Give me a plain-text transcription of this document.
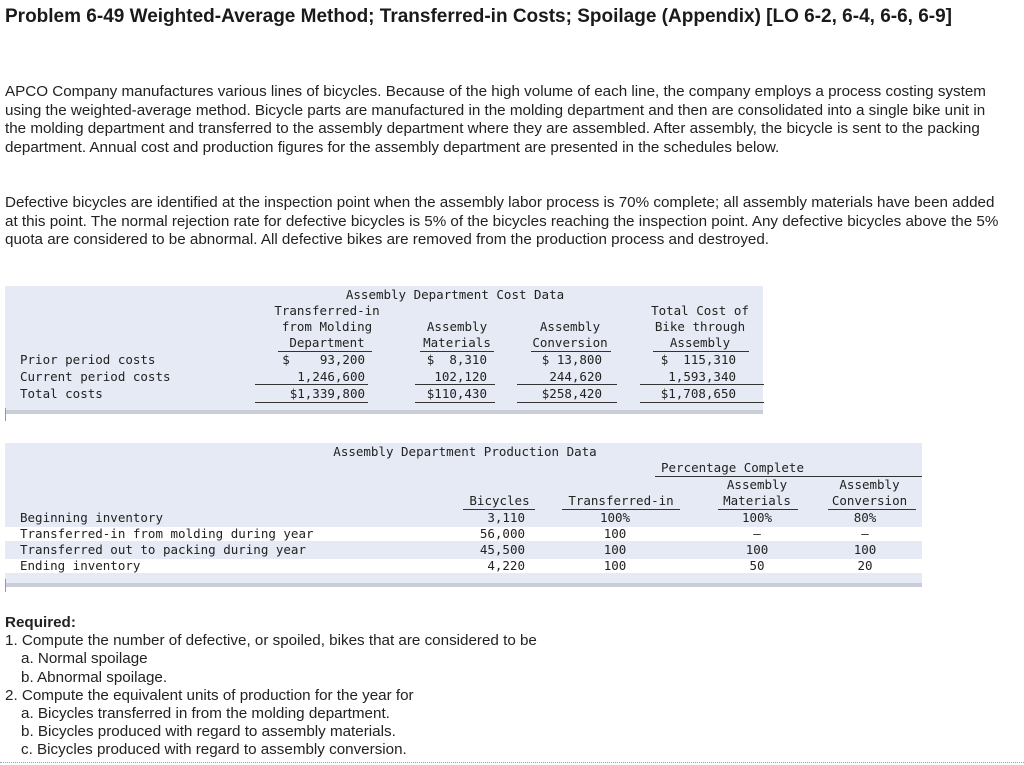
Problem 6-49 Weighted-Average Method; Transferred-in Costs; Spoilage (Appendix) [LO 6-2, 6-4, 6-6, 6-9]

APCO Company manufactures various lines of bicycles. Because of the high volume of each line, the company employs a process costing system using the weighted-average method. Bicycle parts are manufactured in the molding department and then are consolidated into a single bike unit in the molding department and transferred to the assembly department where they are assembled. After assembly, the bicycle is sent to the packing department. Annual cost and production figures for the assembly department are presented in the schedules below.

Defective bicycles are identified at the inspection point when the assembly labor process is 70% complete; all assembly materials have been added at this point. The normal rejection rate for defective bicycles is 5% of the bicycles reaching the inspection point. Any defective bicycles above the 5% quota are considered to be abnormal. All defective bikes are removed from the production process and destroyed.

Assembly Department Cost Data
Transferred-in
from Molding
Department
Assembly
Materials
Assembly
Conversion
Total Cost of
Bike through
Assembly
Prior period costs	$    93,200	$  8,310	$ 13,800	$  115,310
Current period costs	1,246,600	102,120	244,620	1,593,340
Total costs	$1,339,800	$110,430	$258,420	$1,708,650
Assembly Department Production Data
Percentage Complete
Bicycles	Transferred-in
Assembly
Materials
Assembly
Conversion
Beginning inventory	3,110	100%	100%	80%
Transferred-in from molding during year	56,000	100	–	–
Transferred out to packing during year	45,500	100	100	100
Ending inventory	4,220	100	50	20
Required:
1. Compute the number of defective, or spoiled, bikes that are considered to be
a. Normal spoilage
b. Abnormal spoilage.
2. Compute the equivalent units of production for the year for
a. Bicycles transferred in from the molding department.
b. Bicycles produced with regard to assembly materials.
c. Bicycles produced with regard to assembly conversion.
